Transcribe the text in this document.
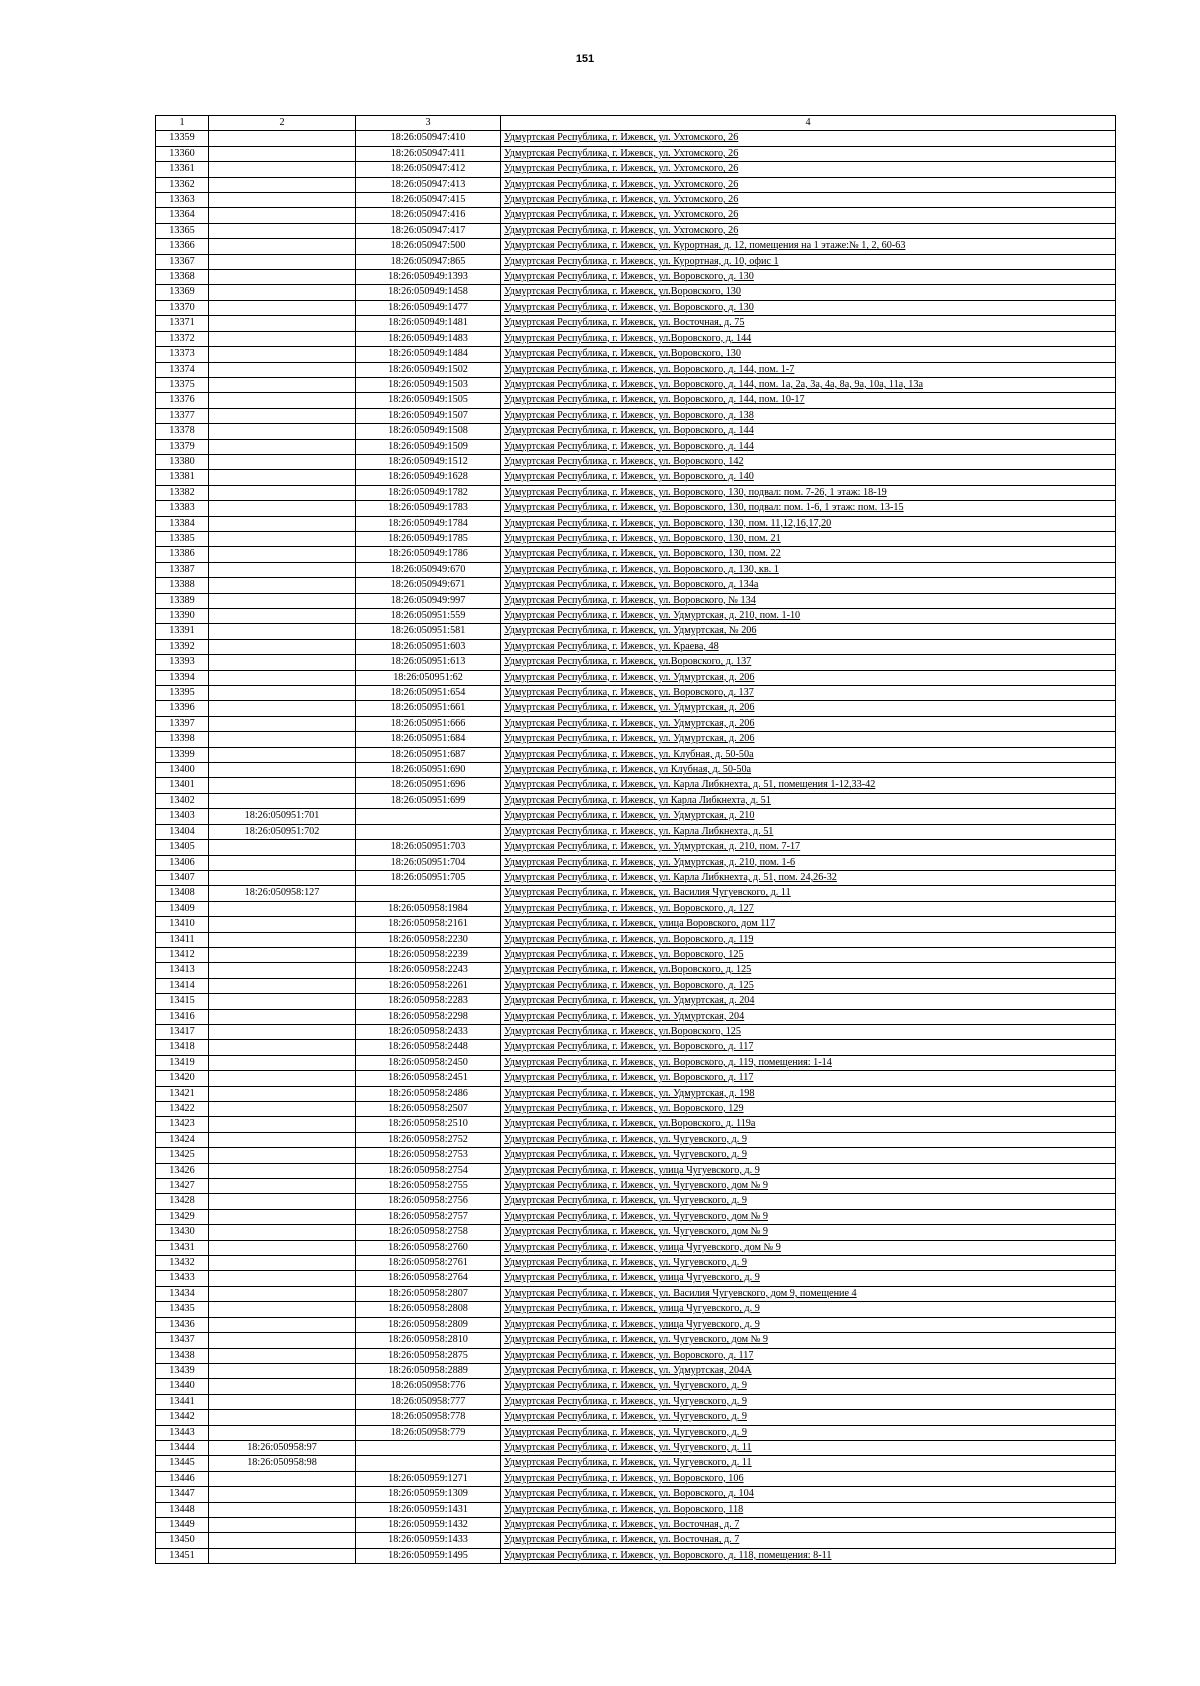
151
1	2	3	4
13359		18:26:050947:410	Удмуртская Республика, г. Ижевск, ул. Ухтомского, 26
13360		18:26:050947:411	Удмуртская Республика, г. Ижевск, ул. Ухтомского, 26
13361		18:26:050947:412	Удмуртская Республика, г. Ижевск, ул. Ухтомского, 26
13362		18:26:050947:413	Удмуртская Республика, г. Ижевск, ул. Ухтомского, 26
13363		18:26:050947:415	Удмуртская Республика, г. Ижевск, ул. Ухтомского, 26
13364		18:26:050947:416	Удмуртская Республика, г. Ижевск, ул. Ухтомского, 26
13365		18:26:050947:417	Удмуртская Республика, г. Ижевск, ул. Ухтомского, 26
13366		18:26:050947:500	Удмуртская Республика, г. Ижевск, ул. Курортная, д. 12, помещения на 1 этаже:№ 1, 2, 60-63
13367		18:26:050947:865	Удмуртская Республика, г. Ижевск, ул. Курортная, д. 10, офис 1
13368		18:26:050949:1393	Удмуртская Республика, г. Ижевск, ул. Воровского, д. 130
13369		18:26:050949:1458	Удмуртская Республика, г. Ижевск, ул.Воровского, 130
13370		18:26:050949:1477	Удмуртская Республика, г. Ижевск, ул. Воровского, д. 130
13371		18:26:050949:1481	Удмуртская Республика, г. Ижевск, ул. Восточная, д. 75
13372		18:26:050949:1483	Удмуртская Республика, г. Ижевск, ул.Воровского, д. 144
13373		18:26:050949:1484	Удмуртская Республика, г. Ижевск, ул.Воровского, 130
13374		18:26:050949:1502	Удмуртская Республика, г. Ижевск, ул. Воровского, д. 144, пом. 1-7
13375		18:26:050949:1503	Удмуртская Республика, г. Ижевск, ул. Воровского, д. 144, пом. 1а, 2а, 3а, 4а, 8а, 9а, 10а, 11а, 13а
13376		18:26:050949:1505	Удмуртская Республика, г. Ижевск, ул. Воровского, д. 144, пом. 10-17
13377		18:26:050949:1507	Удмуртская Республика, г. Ижевск, ул. Воровского, д. 138
13378		18:26:050949:1508	Удмуртская Республика, г. Ижевск, ул. Воровского, д. 144
13379		18:26:050949:1509	Удмуртская Республика, г. Ижевск, ул. Воровского, д. 144
13380		18:26:050949:1512	Удмуртская Республика, г. Ижевск, ул. Воровского, 142
13381		18:26:050949:1628	Удмуртская Республика, г. Ижевск, ул. Воровского, д. 140
13382		18:26:050949:1782	Удмуртская Республика, г. Ижевск, ул. Воровского, 130, подвал: пом. 7-26, 1 этаж: 18-19
13383		18:26:050949:1783	Удмуртская Республика, г. Ижевск, ул. Воровского, 130, подвал: пом. 1-6, 1 этаж: пом. 13-15
13384		18:26:050949:1784	Удмуртская Республика, г. Ижевск, ул. Воровского, 130, пом. 11,12,16,17,20
13385		18:26:050949:1785	Удмуртская Республика, г. Ижевск, ул. Воровского, 130, пом. 21
13386		18:26:050949:1786	Удмуртская Республика, г. Ижевск, ул. Воровского, 130, пом. 22
13387		18:26:050949:670	Удмуртская Республика, г. Ижевск, ул. Воровского, д. 130, кв. 1
13388		18:26:050949:671	Удмуртская Республика, г. Ижевск, ул. Воровского, д. 134а
13389		18:26:050949:997	Удмуртская Республика, г. Ижевск, ул. Воровского, № 134
13390		18:26:050951:559	Удмуртская Республика, г. Ижевск, ул. Удмуртская, д. 210, пом. 1-10
13391		18:26:050951:581	Удмуртская Республика, г. Ижевск, ул. Удмуртская, № 206
13392		18:26:050951:603	Удмуртская Республика, г. Ижевск, ул. Краева, 48
13393		18:26:050951:613	Удмуртская Республика, г. Ижевск, ул.Воровского, д. 137
13394		18:26:050951:62	Удмуртская Республика, г. Ижевск, ул. Удмуртская, д. 206
13395		18:26:050951:654	Удмуртская Республика, г. Ижевск, ул. Воровского, д. 137
13396		18:26:050951:661	Удмуртская Республика, г. Ижевск, ул. Удмуртская, д. 206
13397		18:26:050951:666	Удмуртская Республика, г. Ижевск, ул. Удмуртская, д. 206
13398		18:26:050951:684	Удмуртская Республика, г. Ижевск, ул. Удмуртская, д. 206
13399		18:26:050951:687	Удмуртская Республика, г. Ижевск, ул. Клубная, д. 50-50а
13400		18:26:050951:690	Удмуртская Республика, г. Ижевск, ул Клубная, д. 50-50а
13401		18:26:050951:696	Удмуртская Республика, г. Ижевск, ул. Карла Либкнехта, д. 51, помещения 1-12,33-42
13402		18:26:050951:699	Удмуртская Республика, г. Ижевск, ул Карла Либкнехта, д. 51
13403	18:26:050951:701		Удмуртская Республика, г. Ижевск, ул. Удмуртская, д. 210
13404	18:26:050951:702		Удмуртская Республика, г. Ижевск, ул. Карла Либкнехта, д. 51
13405		18:26:050951:703	Удмуртская Республика, г. Ижевск, ул. Удмуртская, д. 210, пом. 7-17
13406		18:26:050951:704	Удмуртская Республика, г. Ижевск, ул. Удмуртская, д. 210, пом. 1-6
13407		18:26:050951:705	Удмуртская Республика, г. Ижевск, ул. Карла Либкнехта, д. 51, пом. 24,26-32
13408	18:26:050958:127		Удмуртская Республика, г. Ижевск, ул. Василия Чугуевского, д. 11
13409		18:26:050958:1984	Удмуртская Республика, г. Ижевск, ул. Воровского, д. 127
13410		18:26:050958:2161	Удмуртская Республика, г. Ижевск, улица Воровского, дом 117
13411		18:26:050958:2230	Удмуртская Республика, г. Ижевск, ул. Воровского, д. 119
13412		18:26:050958:2239	Удмуртская Республика, г. Ижевск, ул. Воровского, 125
13413		18:26:050958:2243	Удмуртская Республика, г. Ижевск, ул.Воровского, д. 125
13414		18:26:050958:2261	Удмуртская Республика, г. Ижевск, ул. Воровского, д. 125
13415		18:26:050958:2283	Удмуртская Республика, г. Ижевск, ул. Удмуртская, д. 204
13416		18:26:050958:2298	Удмуртская Республика, г. Ижевск, ул. Удмуртская, 204
13417		18:26:050958:2433	Удмуртская Республика, г. Ижевск, ул.Воровского, 125
13418		18:26:050958:2448	Удмуртская Республика, г. Ижевск, ул. Воровского, д. 117
13419		18:26:050958:2450	Удмуртская Республика, г. Ижевск, ул. Воровского, д. 119, помещения: 1-14
13420		18:26:050958:2451	Удмуртская Республика, г. Ижевск, ул. Воровского, д. 117
13421		18:26:050958:2486	Удмуртская Республика, г. Ижевск, ул. Удмуртская, д. 198
13422		18:26:050958:2507	Удмуртская Республика, г. Ижевск, ул. Воровского, 129
13423		18:26:050958:2510	Удмуртская Республика, г. Ижевск, ул.Воровского, д. 119а
13424		18:26:050958:2752	Удмуртская Республика, г. Ижевск, ул. Чугуевского, д. 9
13425		18:26:050958:2753	Удмуртская Республика, г. Ижевск, ул. Чугуевского, д. 9
13426		18:26:050958:2754	Удмуртская Республика, г. Ижевск, улица Чугуевского, д. 9
13427		18:26:050958:2755	Удмуртская Республика, г. Ижевск, ул. Чугуевского, дом № 9
13428		18:26:050958:2756	Удмуртская Республика, г. Ижевск, ул. Чугуевского, д. 9
13429		18:26:050958:2757	Удмуртская Республика, г. Ижевск, ул. Чугуевского, дом № 9
13430		18:26:050958:2758	Удмуртская Республика, г. Ижевск, ул. Чугуевского, дом № 9
13431		18:26:050958:2760	Удмуртская Республика, г. Ижевск, улица Чугуевского, дом № 9
13432		18:26:050958:2761	Удмуртская Республика, г. Ижевск, ул. Чугуевского, д. 9
13433		18:26:050958:2764	Удмуртская Республика, г. Ижевск, улица Чугуевского, д. 9
13434		18:26:050958:2807	Удмуртская Республика, г. Ижевск, ул. Василия Чугуевского, дом 9, помещение 4
13435		18:26:050958:2808	Удмуртская Республика, г. Ижевск, улица Чугуевского, д. 9
13436		18:26:050958:2809	Удмуртская Республика, г. Ижевск, улица Чугуевского, д. 9
13437		18:26:050958:2810	Удмуртская Республика, г. Ижевск, ул. Чугуевского, дом № 9
13438		18:26:050958:2875	Удмуртская Республика, г. Ижевск, ул. Воровского, д. 117
13439		18:26:050958:2889	Удмуртская Республика, г. Ижевск, ул. Удмуртская, 204А
13440		18:26:050958:776	Удмуртская Республика, г. Ижевск, ул. Чугуевского, д. 9
13441		18:26:050958:777	Удмуртская Республика, г. Ижевск, ул. Чугуевского, д. 9
13442		18:26:050958:778	Удмуртская Республика, г. Ижевск, ул. Чугуевского, д. 9
13443		18:26:050958:779	Удмуртская Республика, г. Ижевск, ул. Чугуевского, д. 9
13444	18:26:050958:97		Удмуртская Республика, г. Ижевск, ул. Чугуевского, д. 11
13445	18:26:050958:98		Удмуртская Республика, г. Ижевск, ул. Чугуевского, д. 11
13446		18:26:050959:1271	Удмуртская Республика, г. Ижевск, ул. Воровского, 106
13447		18:26:050959:1309	Удмуртская Республика, г. Ижевск, ул. Воровского, д. 104
13448		18:26:050959:1431	Удмуртская Республика, г. Ижевск, ул. Воровского, 118
13449		18:26:050959:1432	Удмуртская Республика, г. Ижевск, ул. Восточная, д. 7
13450		18:26:050959:1433	Удмуртская Республика, г. Ижевск, ул. Восточная, д. 7
13451		18:26:050959:1495	Удмуртская Республика, г. Ижевск, ул. Воровского, д. 118, помещения: 8-11
